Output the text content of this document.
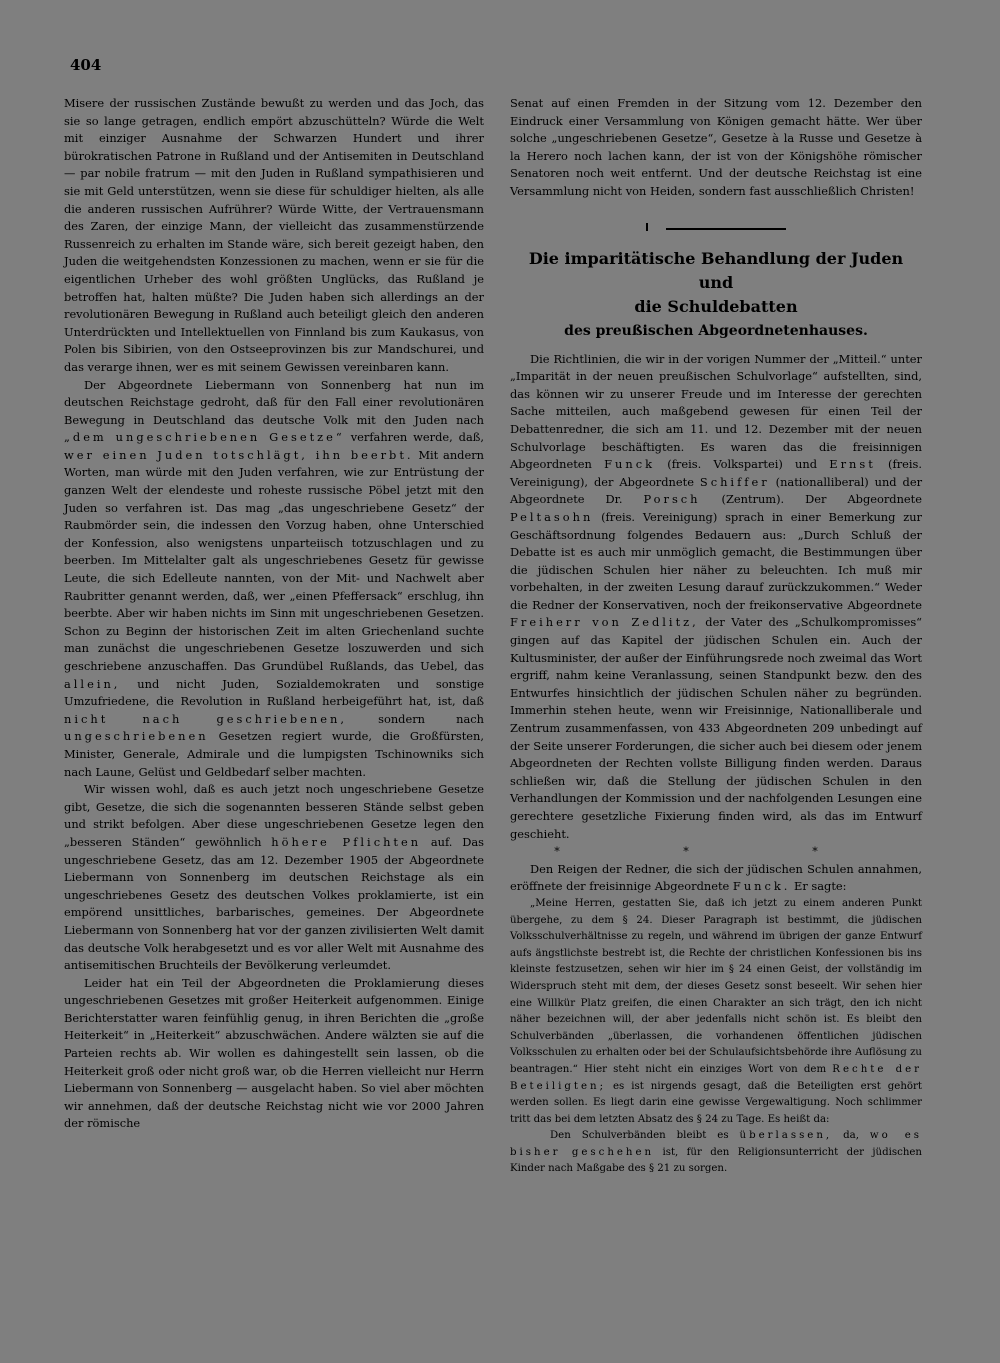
404

Misere der russischen Zustände bewußt zu werden und das Joch, das sie so lange getragen, endlich empört abzuschütteln? Würde die Welt mit einziger Ausnahme der Schwarzen Hundert und ihrer bürokratischen Patrone in Rußland und der Antisemiten in Deutschland — par nobile fratrum — mit den Juden in Rußland sympathisieren und sie mit Geld unterstützen, wenn sie diese für schuldiger hielten, als alle die anderen russischen Aufrührer? Würde Witte, der Vertrauensmann des Zaren, der einzige Mann, der vielleicht das zusammenstürzende Russenreich zu erhalten im Stande wäre, sich bereit gezeigt haben, den Juden die weitgehendsten Konzessionen zu machen, wenn er sie für die eigentlichen Urheber des wohl größten Unglücks, das Rußland je betroffen hat, halten müßte? Die Juden haben sich allerdings an der revolutionären Bewegung in Rußland auch beteiligt gleich den anderen Unterdrückten und Intellektuellen von Finnland bis zum Kaukasus, von Polen bis Sibirien, von den Ostseeprovinzen bis zur Mandschurei, und das verarge ihnen, wer es mit seinem Gewissen vereinbaren kann.

Der Abgeordnete Liebermann von Sonnenberg hat nun im deutschen Reichstage gedroht, daß für den Fall einer revolutionären Bewegung in Deutschland das deutsche Volk mit den Juden nach „dem ungeschriebenen Gesetze“ verfahren werde, daß, wer einen Juden totschlägt, ihn beerbt. Mit andern Worten, man würde mit den Juden verfahren, wie zur Entrüstung der ganzen Welt der elendeste und roheste russische Pöbel jetzt mit den Juden so verfahren ist. Das mag „das ungeschriebene Gesetz“ der Raubmörder sein, die indessen den Vorzug haben, ohne Unterschied der Konfession, also wenigstens unparteiisch totzuschlagen und zu beerben. Im Mittelalter galt als ungeschriebenes Gesetz für gewisse Leute, die sich Edelleute nannten, von der Mit- und Nachwelt aber Raubritter genannt werden, daß, wer „einen Pfeffersack“ erschlug, ihn beerbte. Aber wir haben nichts im Sinn mit ungeschriebenen Gesetzen. Schon zu Beginn der historischen Zeit im alten Griechenland suchte man zunächst die ungeschriebenen Gesetze loszuwerden und sich geschriebene anzuschaffen. Das Grundübel Rußlands, das Uebel, das allein, und nicht Juden, Sozialdemokraten und sonstige Umzufriedene, die Revolution in Rußland herbeigeführt hat, ist, daß nicht nach geschriebenen,	sondern nach ungeschriebenen Gesetzen regiert wurde, die Großfürsten, Minister, Generale, Admirale und die lumpigsten Tschinowniks sich nach Laune, Gelüst und Geldbedarf selber machten.

Wir wissen wohl, daß es auch jetzt noch ungeschriebene Gesetze gibt, Gesetze, die sich die sogenannten besseren Stände selbst geben und strikt befolgen. Aber diese ungeschriebenen Gesetze legen den „besseren Ständen“ gewöhnlich höhere Pflichten auf. Das ungeschriebene Gesetz, das am 12. Dezember 1905 der Abgeordnete Liebermann von Sonnenberg im deutschen Reichstage als ein ungeschriebenes Gesetz des deutschen Volkes proklamierte, ist ein empörend unsittliches, barbarisches, gemeines. Der Abgeordnete Liebermann von Sonnenberg hat vor der ganzen zivilisierten Welt damit das deutsche Volk herabgesetzt und es vor aller Welt mit Ausnahme des antisemitischen Bruchteils der Bevölkerung verleumdet.

Leider hat ein Teil der Abgeordneten die Proklamierung dieses ungeschriebenen Gesetzes mit großer Heiterkeit aufgenommen. Einige Berichterstatter waren feinfühlig genug, in ihren Berichten die „große Heiterkeit“ in „Heiterkeit“ abzuschwächen. Andere wälzten sie auf die Parteien rechts ab. Wir wollen es dahingestellt sein lassen, ob die Heiterkeit groß oder nicht groß war, ob die Herren vielleicht nur Herrn Liebermann von Sonnenberg — ausgelacht haben. So viel aber möchten wir annehmen, daß der deutsche Reichstag nicht wie vor 2000 Jahren der römische

Senat auf einen Fremden in der Sitzung vom 12. Dezember den Eindruck einer Versammlung von Königen gemacht hätte. Wer über solche „ungeschriebenen Gesetze“, Gesetze à la Russe und Gesetze à la Herero noch lachen kann, der ist von der Königshöhe römischer Senatoren noch weit entfernt. Und der deutsche Reichstag ist eine Versammlung nicht von Heiden, sondern fast ausschließlich Christen!

Die imparitätische Behandlung der Juden und

die Schuldebatten

des preußischen Abgeordnetenhauses.

Die Richtlinien, die wir in der vorigen Nummer der „Mitteil.“ unter „Imparität in der neuen preußischen Schulvorlage“ aufstellten, sind, das können wir zu unserer Freude und im Interesse der gerechten Sache mitteilen, auch maßgebend gewesen für einen Teil der Debattenredner, die sich am 11. und 12. Dezember mit der neuen Schulvorlage beschäftigten. Es waren das die freisinnigen Abgeordneten Funck (freis. Volkspartei) und Ernst (freis. Vereinigung), der Abgeordnete Schiffer (nationalliberal) und der Abgeordnete Dr. Porsch (Zentrum). Der Abgeordnete Peltasohn (freis. Vereinigung) sprach in einer Bemerkung zur Geschäftsordnung folgendes Bedauern aus: „Durch Schluß der Debatte ist es auch mir unmöglich gemacht, die Bestimmungen über die jüdischen Schulen hier näher zu beleuchten. Ich muß mir vorbehalten, in der zweiten Lesung darauf zurückzukommen.“ Weder die Redner der Konservativen, noch der freikonservative Abgeordnete Freiherr von Zedlitz, der Vater des „Schulkompromisses“ gingen auf das Kapitel der jüdischen Schulen ein. Auch der Kultusminister, der außer der Einführungsrede noch zweimal das Wort ergriff, nahm keine Veranlassung, seinen Standpunkt bezw. den des Entwurfes hinsichtlich der jüdischen Schulen näher zu begründen. Immerhin stehen heute, wenn wir Freisinnige, Nationalliberale und Zentrum zusammenfassen, von 433 Abgeordneten 209 unbedingt auf der Seite unserer Forderungen, die sicher auch bei diesem oder jenem Abgeordneten der Rechten vollste Billigung finden werden. Daraus schließen wir, daß die Stellung der jüdischen Schulen in den Verhandlungen der Kommission und der nachfolgenden Lesungen eine gerechtere gesetzliche Fixierung finden wird, als das im Entwurf geschieht.

* * *

Den Reigen der Redner, die sich der jüdischen Schulen annahmen, eröffnete der freisinnige Abgeordnete Funck. Er sagte:

„Meine Herren, gestatten Sie, daß ich jetzt zu einem anderen Punkt übergehe, zu dem § 24. Dieser Paragraph ist bestimmt, die jüdischen Volksschulverhältnisse zu regeln, und während im übrigen der ganze Entwurf aufs ängstlichste bestrebt ist, die Rechte der christlichen Konfessionen bis ins kleinste festzusetzen, sehen wir hier im § 24 einen Geist, der vollständig im Widerspruch steht mit dem, der dieses Gesetz sonst beseelt. Wir sehen hier eine Willkür Platz greifen, die einen Charakter an sich trägt, den ich nicht näher bezeichnen will, der aber jedenfalls nicht schön ist. Es bleibt den Schulverbänden „überlassen, die vorhandenen öffentlichen jüdischen Volksschulen zu erhalten oder bei der Schulaufsichtsbehörde ihre Auflösung zu beantragen.“ Hier steht nicht ein einziges Wort von dem Rechte der Beteiligten; es ist nirgends gesagt, daß die Beteiligten erst gehört werden sollen. Es liegt darin eine gewisse Vergewaltigung. Noch schlimmer tritt das bei dem letzten Absatz des § 24 zu Tage. Es heißt da:

Den Schulverbänden bleibt es überlassen, da, wo es bisher geschehen ist, für den Religionsunterricht der jüdischen Kinder nach Maßgabe des § 21 zu sorgen.
